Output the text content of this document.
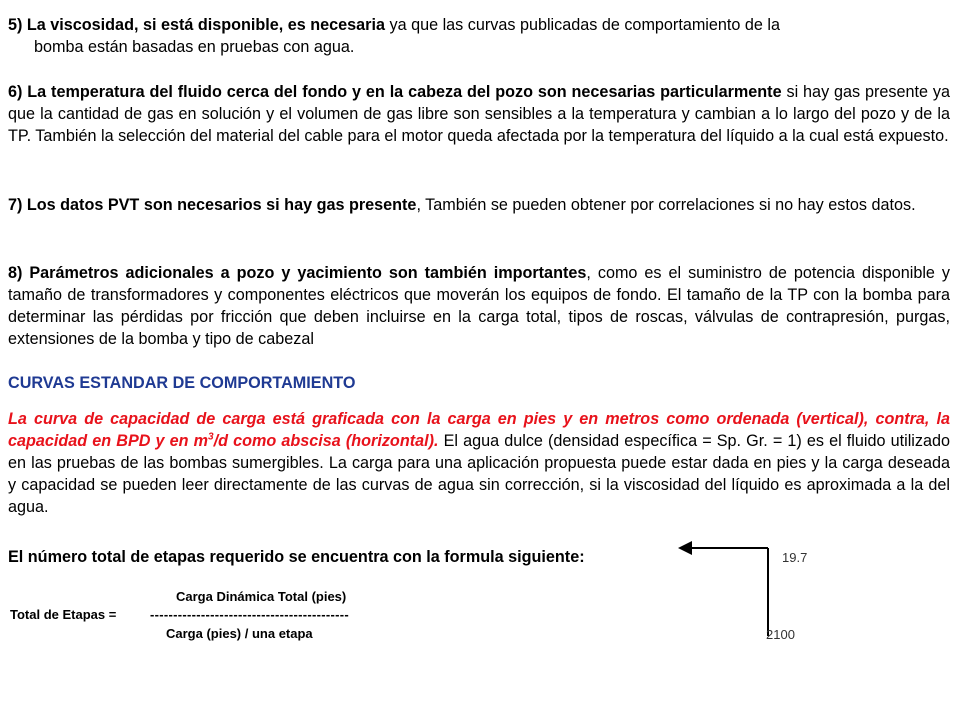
5) La viscosidad, si está disponible, es necesaria ya que las curvas publicadas de comportamiento de la
bomba están basadas en pruebas con agua.

6) La temperatura del fluido cerca del fondo y en la cabeza del pozo son necesarias particularmente si hay gas presente ya que la cantidad de gas en solución y el volumen de gas libre son sensibles a la temperatura y cambian a lo largo del pozo y de la TP. También la selección del material del cable para el motor queda afectada por la temperatura del líquido a la cual está expuesto.

7) Los datos PVT son necesarios si hay gas presente, También se pueden obtener por correlaciones si no hay estos datos.

8) Parámetros adicionales a pozo y yacimiento son también importantes, como es el suministro de potencia disponible y tamaño de transformadores y componentes eléctricos que moverán los equipos de fondo. El tamaño de la TP con la bomba para determinar las pérdidas por fricción que deben incluirse en la carga total, tipos de roscas, válvulas de contrapresión, purgas, extensiones de la bomba y tipo de cabezal

CURVAS ESTANDAR DE COMPORTAMIENTO

La curva de capacidad de carga está graficada con la carga en pies y en metros como ordenada (vertical), contra, la capacidad en BPD y en $m^3/d$ como abscisa (horizontal). El agua dulce (densidad específica = Sp. Gr. = 1) es el fluido utilizado en las pruebas de las bombas sumergibles. La carga para una aplicación propuesta puede estar dada en pies y la carga deseada y capacidad se pueden leer directamente de las curvas de agua sin corrección, si la viscosidad del líquido es aproximada a la del agua.

El número total de etapas requerido se encuentra con la formula siguiente:	19.7

Carga Dinámica Total (pies)

Total de Etapas =	-------------------------------------------

Carga (pies) / una etapa	2100
